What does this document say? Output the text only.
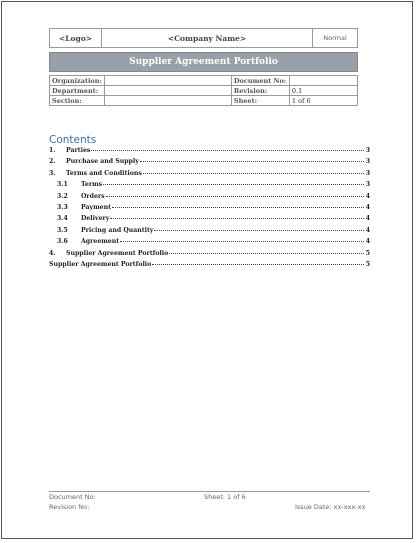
<Logo>	<Company Name>	Normal
Supplier Agreement Portfolio
Organization:		Document No:	
Department:		Revision:	0.1
Section:		Sheet:	1 of 6
Contents
1.	Parties	3
2.	Purchase and Supply	3
3.	Terms and Conditions	3
3.1	Terms	3
3.2	Orders	4
3.3	Payment	4
3.4	Delivery	4
3.5	Pricing and Quantity	4
3.6	Agreement	4
4.	Supplier Agreement Portfolio	5
Supplier Agreement Portfolio	5
Document No:	Sheet: 1 of 6
Revision No:	Issue Date: xx-xxx-xx
